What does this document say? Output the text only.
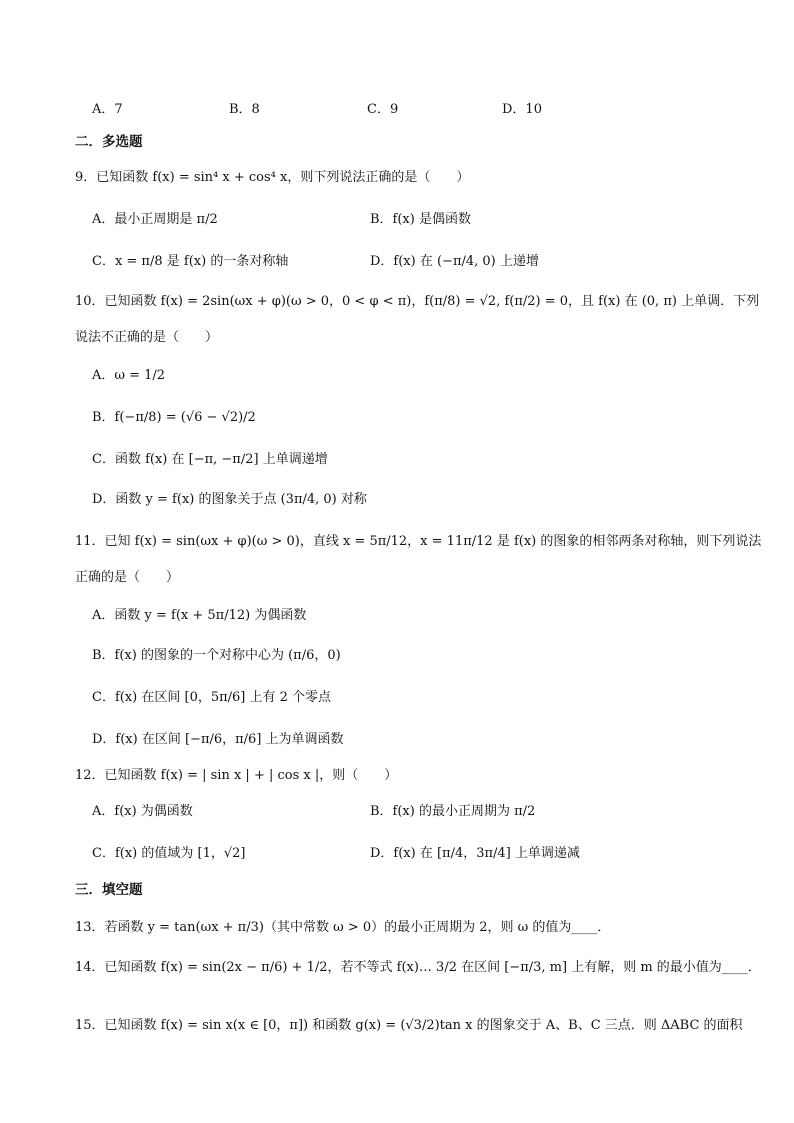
A．7	B．8	C．9	D．10
二．多选题
9．已知函数 f(x) = sin⁴ x + cos⁴ x，则下列说法正确的是（　　）
A．最小正周期是 π/2	B．f(x) 是偶函数
C．x = π/8 是 f(x) 的一条对称轴	D．f(x) 在 (−π/4, 0) 上递增
10．已知函数 f(x) = 2sin(ωx + φ)(ω > 0，0 < φ < π)，f(π/8) = √2, f(π/2) = 0，且 f(x) 在 (0, π) 上单调．下列
说法不正确的是（　　）
A．ω = 1/2
B．f(−π/8) = (√6 − √2)/2
C．函数 f(x) 在 [−π, −π/2] 上单调递增
D．函数 y = f(x) 的图象关于点 (3π/4, 0) 对称
11．已知 f(x) = sin(ωx + φ)(ω > 0)，直线 x = 5π/12，x = 11π/12 是 f(x) 的图象的相邻两条对称轴，则下列说法
正确的是（　　）
A．函数 y = f(x + 5π/12) 为偶函数
B．f(x) 的图象的一个对称中心为 (π/6，0)
C．f(x) 在区间 [0，5π/6] 上有 2 个零点
D．f(x) 在区间 [−π/6，π/6] 上为单调函数
12．已知函数 f(x) = | sin x | + | cos x |，则（　　）
A．f(x) 为偶函数	B．f(x) 的最小正周期为 π/2
C．f(x) 的值域为 [1，√2]	D．f(x) 在 [π/4，3π/4] 上单调递减
三．填空题
13．若函数 y = tan(ωx + π/3)（其中常数 ω > 0）的最小正周期为 2，则 ω 的值为____．
14．已知函数 f(x) = sin(2x − π/6) + 1/2，若不等式 f(x)… 3/2 在区间 [−π/3, m] 上有解，则 m 的最小值为____．
15．已知函数 f(x) = sin x(x ∈ [0，π]) 和函数 g(x) = (√3/2)tan x 的图象交于 A、B、C 三点．则 ΔABC 的面积
